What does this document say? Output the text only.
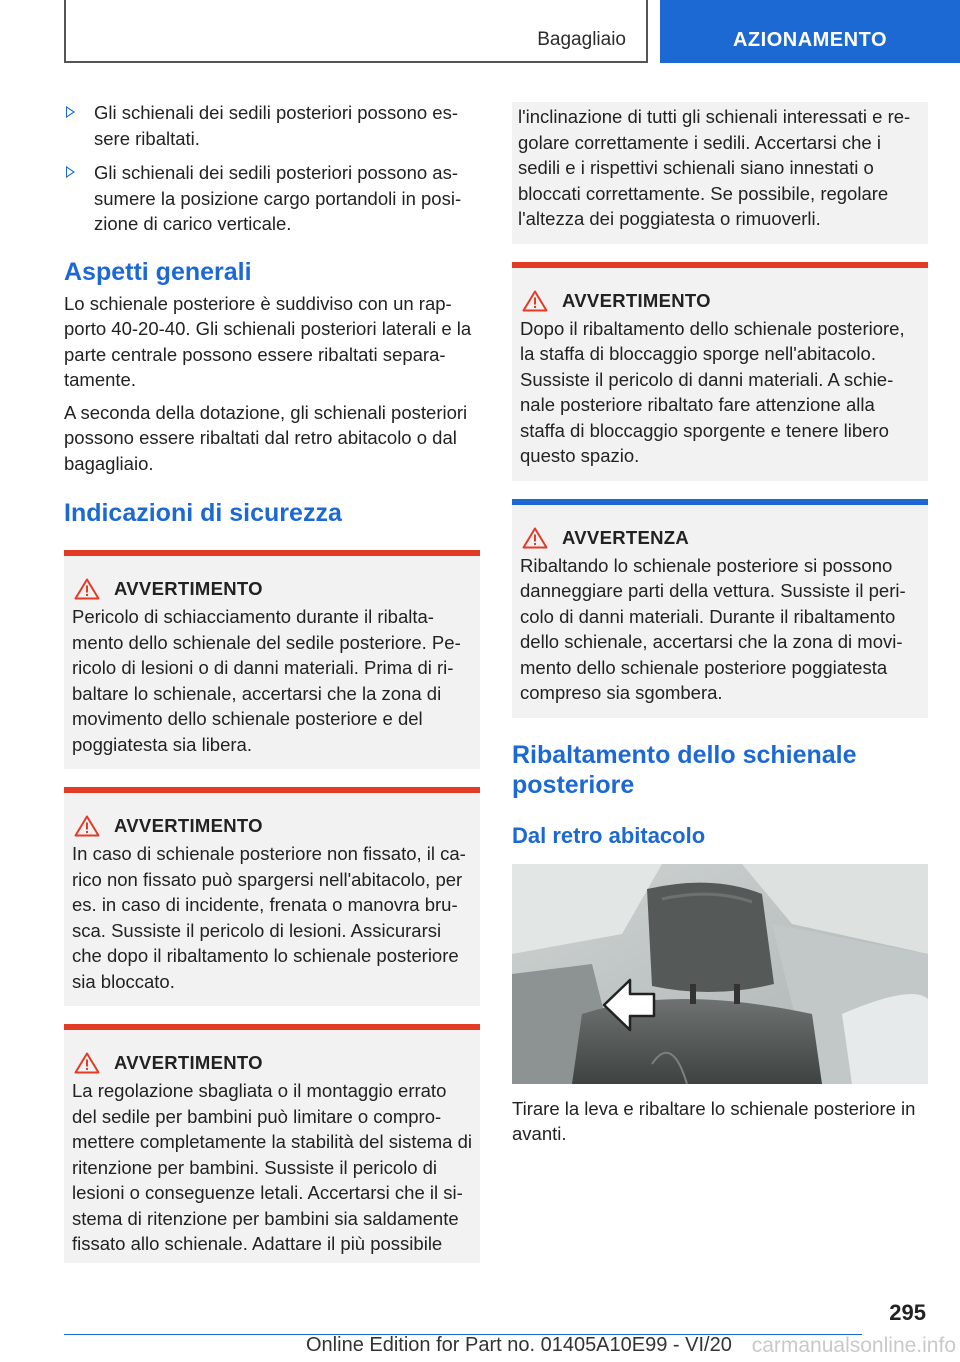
Bagagliaio	AZIONAMENTO
Gli schienali dei sedili posteriori possono es-sere ribaltati.
Gli schienali dei sedili posteriori possono as-sumere la posizione cargo portandoli in posi-zione di carico verticale.
Aspetti generali

Lo schienale posteriore è suddiviso con un rap-porto 40-20-40. Gli schienali posteriori laterali e la parte centrale possono essere ribaltati separa-tamente.

A seconda della dotazione, gli schienali posteriori possono essere ribaltati dal retro abitacolo o dal bagagliaio.

Indicazioni di sicurezza
AVVERTIMENTO

Pericolo di schiacciamento durante il ribalta-mento dello schienale del sedile posteriore. Pe-ricolo di lesioni o di danni materiali. Prima di ri-baltare lo schienale, accertarsi che la zona di movimento dello schienale posteriore e del poggiatesta sia libera.

AVVERTIMENTO

In caso di schienale posteriore non fissato, il ca-rico non fissato può spargersi nell'abitacolo, per es. in caso di incidente, frenata o manovra bru-sca. Sussiste il pericolo di lesioni. Assicurarsi che dopo il ribaltamento lo schienale posteriore sia bloccato.

AVVERTIMENTO

La regolazione sbagliata o il montaggio errato del sedile per bambini può limitare o compro-mettere completamente la stabilità del sistema di ritenzione per bambini. Sussiste il pericolo di lesioni o conseguenze letali. Accertarsi che il si-stema di ritenzione per bambini sia saldamente fissato allo schienale. Adattare il più possibile

l'inclinazione di tutti gli schienali interessati e re-golare correttamente i sedili. Accertarsi che i sedili e i rispettivi schienali siano innestati o bloccati correttamente. Se possibile, regolare l'altezza dei poggiatesta o rimuoverli.

AVVERTIMENTO

Dopo il ribaltamento dello schienale posteriore, la staffa di bloccaggio sporge nell'abitacolo. Sussiste il pericolo di danni materiali. A schie-nale posteriore ribaltato fare attenzione alla staffa di bloccaggio sporgente e tenere libero questo spazio.

AVVERTENZA

Ribaltando lo schienale posteriore si possono danneggiare parti della vettura. Sussiste il peri-colo di danni materiali. Durante il ribaltamento dello schienale, accertarsi che la zona di movi-mento dello schienale posteriore poggiatesta compreso sia sgombera.

Ribaltamento dello schienale posteriore
Dal retro abitacolo

Tirare la leva e ribaltare lo schienale posteriore in avanti.

295
Online Edition for Part no. 01405A10E99 - VI/20 carmanualsonline.info
